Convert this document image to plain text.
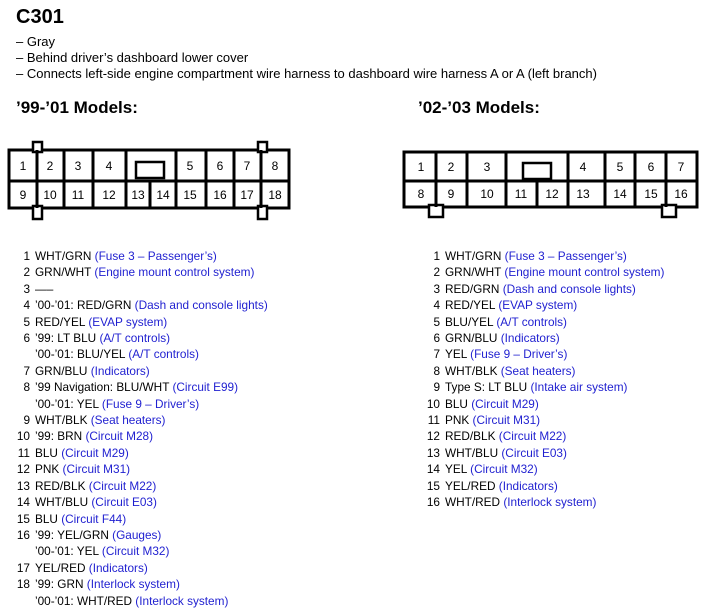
C301
– Gray
– Behind driver’s dashboard lower cover
– Connects left-side engine compartment wire harness to dashboard wire harness A or A (left branch)
’99-’01 Models:	’02-’03 Models:
1 2 3 4	5 6 7 8
9 10 11 12 13 14 15 16 17 18
1 2 3	4	5 6 7
8 9 10 11 12 13 14 15 16
1 WHT/GRN (Fuse 3 – Passenger’s)
2 GRN/WHT (Engine mount control system)
3 —–
4 ’00-’01: RED/GRN (Dash and console lights)
5 RED/YEL (EVAP system)
6 ’99: LT BLU (A/T controls)
’00-’01: BLU/YEL (A/T controls)
7 GRN/BLU (Indicators)
8 ’99 Navigation: BLU/WHT (Circuit E99)
’00-’01: YEL (Fuse 9 – Driver’s)
9 WHT/BLK (Seat heaters)
10 ’99: BRN (Circuit M28)
11 BLU (Circuit M29)
12 PNK (Circuit M31)
13 RED/BLK (Circuit M22)
14 WHT/BLU (Circuit E03)
15 BLU (Circuit F44)
16 ’99: YEL/GRN (Gauges)
’00-’01: YEL (Circuit M32)
17 YEL/RED (Indicators)
18 ’99: GRN (Interlock system)
’00-’01: WHT/RED (Interlock system)
1 WHT/GRN (Fuse 3 – Passenger’s)
2 GRN/WHT (Engine mount control system)
3 RED/GRN (Dash and console lights)
4 RED/YEL (EVAP system)
5 BLU/YEL (A/T controls)
6 GRN/BLU (Indicators)
7 YEL (Fuse 9 – Driver’s)
8 WHT/BLK (Seat heaters)
9 Type S: LT BLU (Intake air system)
10 BLU (Circuit M29)
11 PNK (Circuit M31)
12 RED/BLK (Circuit M22)
13 WHT/BLU (Circuit E03)
14 YEL (Circuit M32)
15 YEL/RED (Indicators)
16 WHT/RED (Interlock system)
